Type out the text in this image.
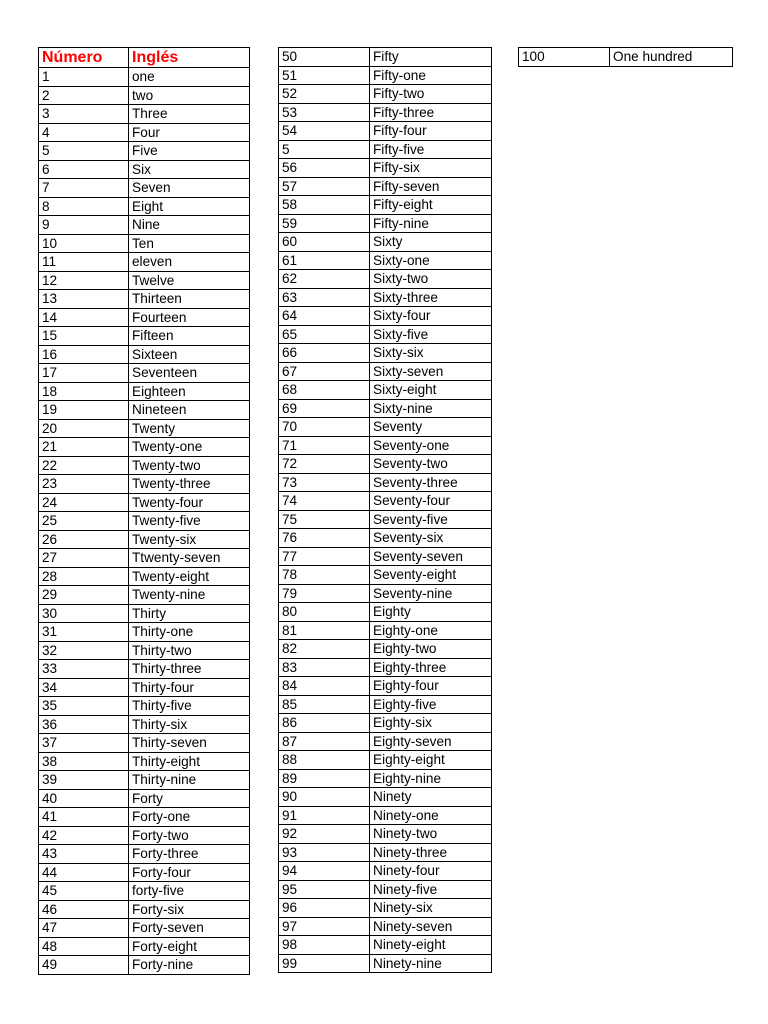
Número	Inglés
1	one
2	two
3	Three
4	Four
5	Five
6	Six
7	Seven
8	Eight
9	Nine
10	Ten
11	eleven
12	Twelve
13	Thirteen
14	Fourteen
15	Fifteen
16	Sixteen
17	Seventeen
18	Eighteen
19	Nineteen
20	Twenty
21	Twenty-one
22	Twenty-two
23	Twenty-three
24	Twenty-four
25	Twenty-five
26	Twenty-six
27	Ttwenty-seven
28	Twenty-eight
29	Twenty-nine
30	Thirty
31	Thirty-one
32	Thirty-two
33	Thirty-three
34	Thirty-four
35	Thirty-five
36	Thirty-six
37	Thirty-seven
38	Thirty-eight
39	Thirty-nine
40	Forty
41	Forty-one
42	Forty-two
43	Forty-three
44	Forty-four
45	forty-five
46	Forty-six
47	Forty-seven
48	Forty-eight
49	Forty-nine
50	Fifty
51	Fifty-one
52	Fifty-two
53	Fifty-three
54	Fifty-four
5	Fifty-five
56	Fifty-six
57	Fifty-seven
58	Fifty-eight
59	Fifty-nine
60	Sixty
61	Sixty-one
62	Sixty-two
63	Sixty-three
64	Sixty-four
65	Sixty-five
66	Sixty-six
67	Sixty-seven
68	Sixty-eight
69	Sixty-nine
70	Seventy
71	Seventy-one
72	Seventy-two
73	Seventy-three
74	Seventy-four
75	Seventy-five
76	Seventy-six
77	Seventy-seven
78	Seventy-eight
79	Seventy-nine
80	Eighty
81	Eighty-one
82	Eighty-two
83	Eighty-three
84	Eighty-four
85	Eighty-five
86	Eighty-six
87	Eighty-seven
88	Eighty-eight
89	Eighty-nine
90	Ninety
91	Ninety-one
92	Ninety-two
93	Ninety-three
94	Ninety-four
95	Ninety-five
96	Ninety-six
97	Ninety-seven
98	Ninety-eight
99	Ninety-nine
100	One hundred
